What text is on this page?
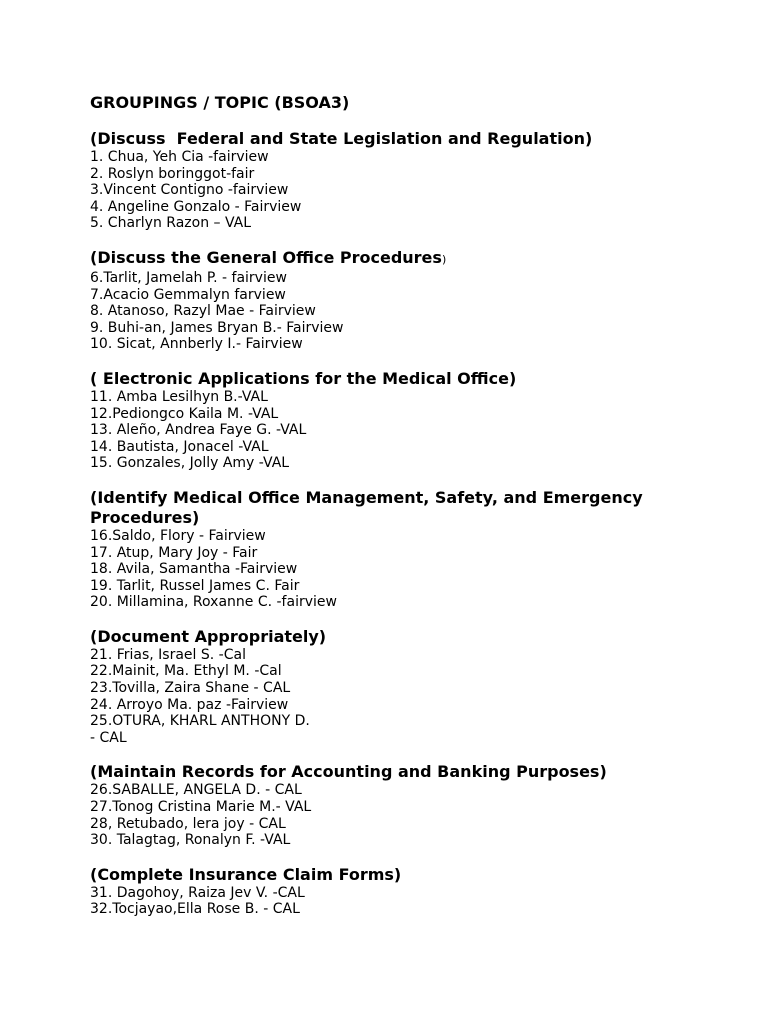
GROUPINGS / TOPIC (BSOA3)
(Discuss  Federal and State Legislation and Regulation)
1. Chua, Yeh Cia -fairview
2. Roslyn boringgot-fair
3.Vincent Contigno -fairview
4. Angeline Gonzalo - Fairview
5. Charlyn Razon – VAL
(Discuss the General Office Procedures)
6.Tarlit, Jamelah P. - fairview
7.Acacio Gemmalyn farview
8. Atanoso, Razyl Mae - Fairview
9. Buhi-an, James Bryan B.- Fairview
10. Sicat, Annberly I.- Fairview
( Electronic Applications for the Medical Office)
11. Amba Lesilhyn B.-VAL
12.Pediongco Kaila M. -VAL
13. Aleño, Andrea Faye G. -VAL
14. Bautista, Jonacel -VAL
15. Gonzales, Jolly Amy -VAL
(Identify Medical Office Management, Safety, and Emergency Procedures)
16.Saldo, Flory - Fairview
17. Atup, Mary Joy - Fair
18. Avila, Samantha -Fairview
19. Tarlit, Russel James C. Fair
20. Millamina, Roxanne C. -fairview
(Document Appropriately)
21. Frias, Israel S. -Cal
22.Mainit, Ma. Ethyl M. -Cal
23.Tovilla, Zaira Shane - CAL
24. Arroyo Ma. paz -Fairview
25.OTURA, KHARL ANTHONY D.
- CAL
(Maintain Records for Accounting and Banking Purposes)
26.SABALLE, ANGELA D. - CAL
27.Tonog Cristina Marie M.- VAL
28, Retubado, lera joy - CAL
30. Talagtag, Ronalyn F. -VAL
(Complete Insurance Claim Forms)
31. Dagohoy, Raiza Jev V. -CAL
32.Tocjayao,Ella Rose B. - CAL
